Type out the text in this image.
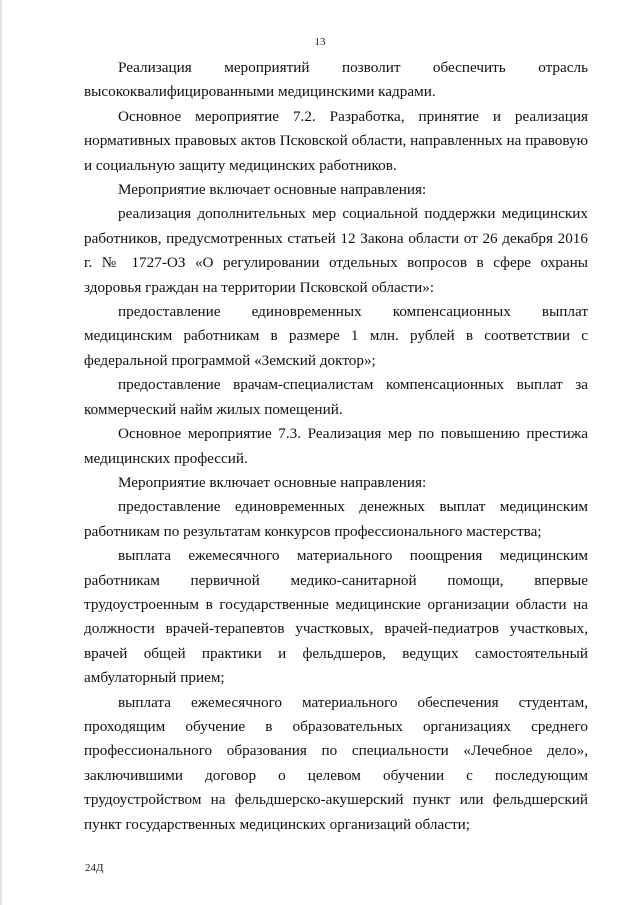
13

Реализация мероприятий позволит обеспечить отрасль высококвалифицированными медицинскими кадрами.

Основное мероприятие 7.2. Разработка, принятие и реализация нормативных правовых актов Псковской области, направленных на правовую и социальную защиту медицинских работников.

Мероприятие включает основные направления:

реализация дополнительных мер социальной поддержки медицинских работников, предусмотренных статьей 12 Закона области от 26 декабря 2016 г. № 1727-ОЗ «О регулировании отдельных вопросов в сфере охраны здоровья граждан на территории Псковской области»:

предоставление единовременных компенсационных выплат медицинским работникам в размере 1 млн. рублей в соответствии с федеральной программой «Земский доктор»;

предоставление врачам-специалистам компенсационных выплат за коммерческий найм жилых помещений.

Основное мероприятие 7.3. Реализация мер по повышению престижа медицинских профессий.

Мероприятие включает основные направления:

предоставление единовременных денежных выплат медицинским работникам по результатам конкурсов профессионального мастерства;

выплата ежемесячного материального поощрения медицинским работникам первичной медико-санитарной помощи, впервые трудоустроенным в государственные медицинские организации области на должности врачей-терапевтов участковых, врачей-педиатров участковых, врачей общей практики и фельдшеров, ведущих самостоятельный амбулаторный прием;

выплата ежемесячного материального обеспечения студентам, проходящим обучение в образовательных организациях среднего профессионального образования по специальности «Лечебное дело», заключившими договор о целевом обучении с последующим трудоустройством на фельдшерско-акушерский пункт или фельдшерский пункт государственных медицинских организаций области;

24Д
